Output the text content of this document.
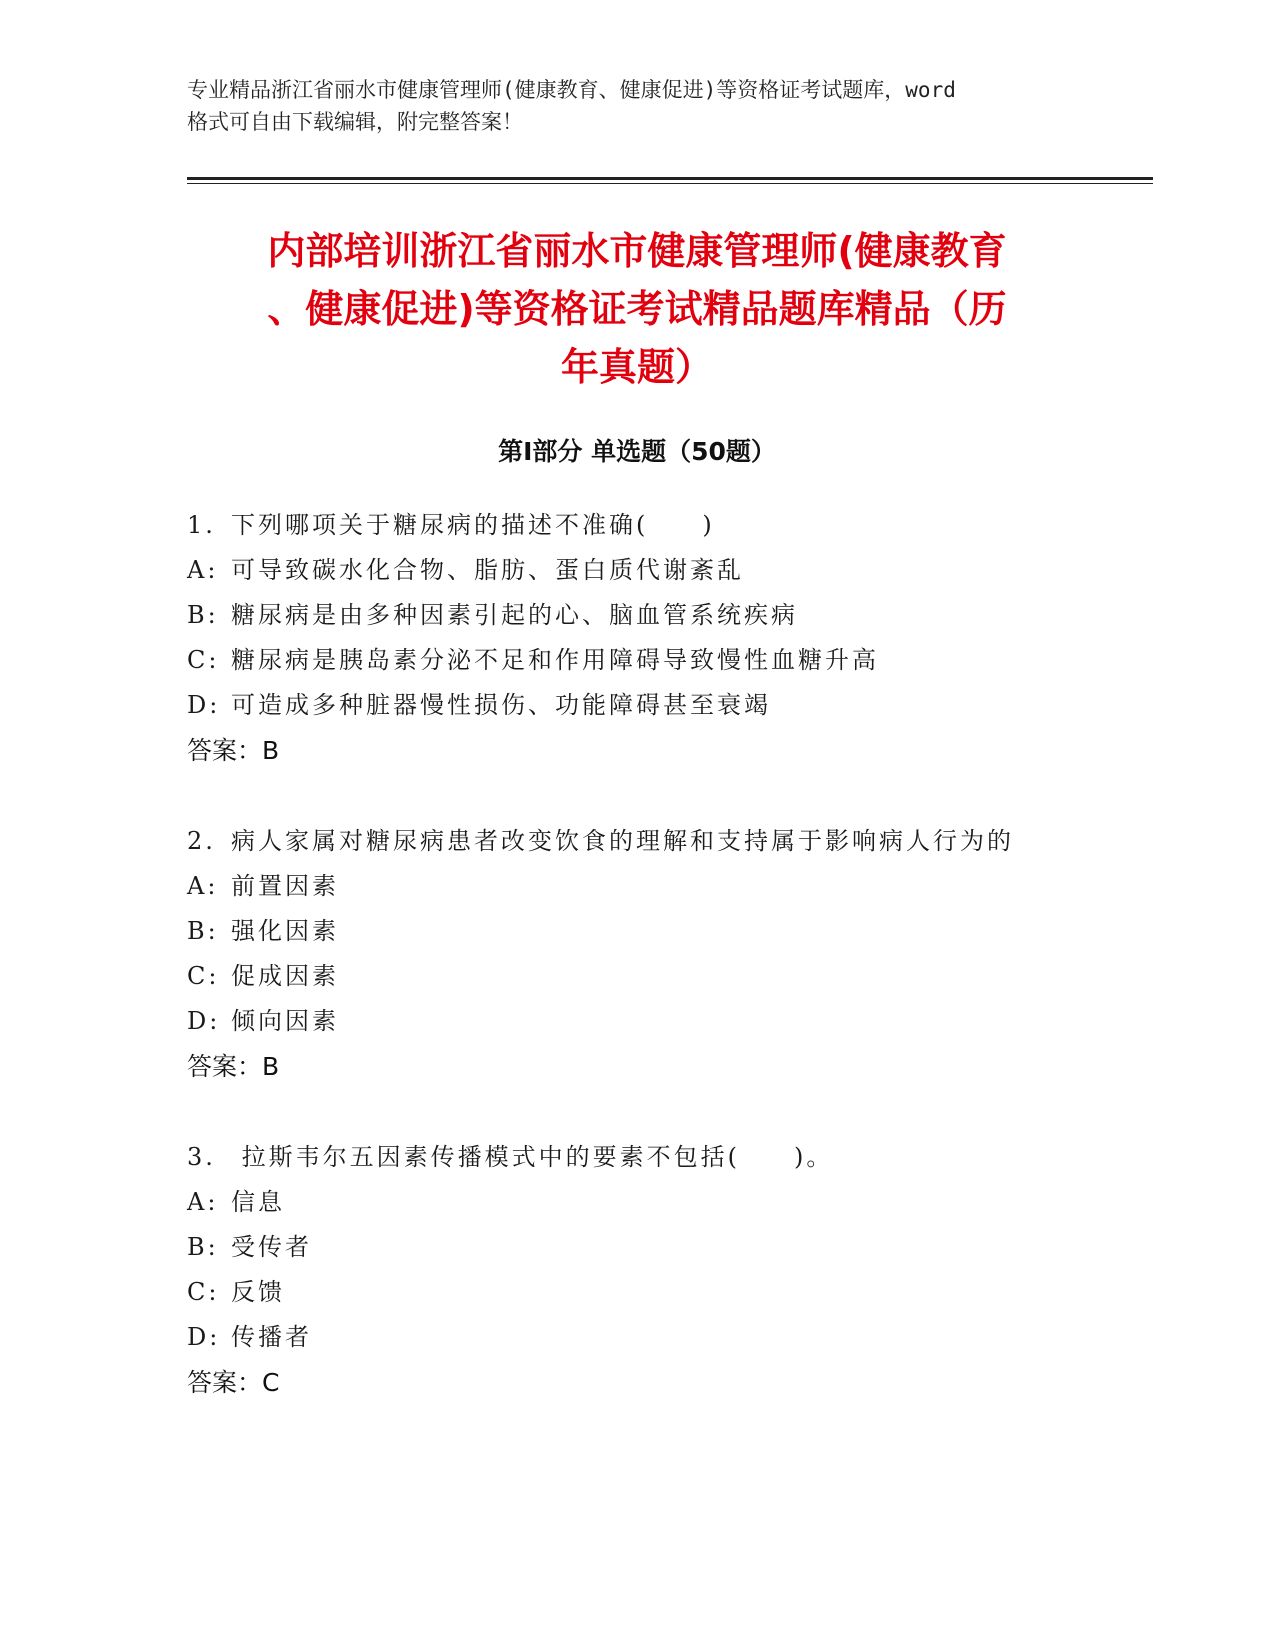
专业精品浙江省丽水市健康管理师(健康教育、健康促进)等资格证考试题库，word
格式可自由下载编辑，附完整答案！
内部培训浙江省丽水市健康管理师(健康教育
、健康促进)等资格证考试精品题库精品（历
年真题）
第Ⅰ部分 单选题（50题）
1. 下列哪项关于糖尿病的描述不准确(　　)
A: 可导致碳水化合物、脂肪、蛋白质代谢紊乱
B: 糖尿病是由多种因素引起的心、脑血管系统疾病
C: 糖尿病是胰岛素分泌不足和作用障碍导致慢性血糖升高
D: 可造成多种脏器慢性损伤、功能障碍甚至衰竭
答案：B
2. 病人家属对糖尿病患者改变饮食的理解和支持属于影响病人行为的
A: 前置因素
B: 强化因素
C: 促成因素
D: 倾向因素
答案：B
3. 拉斯韦尔五因素传播模式中的要素不包括(　　)。
A: 信息
B: 受传者
C: 反馈
D: 传播者
答案：C
